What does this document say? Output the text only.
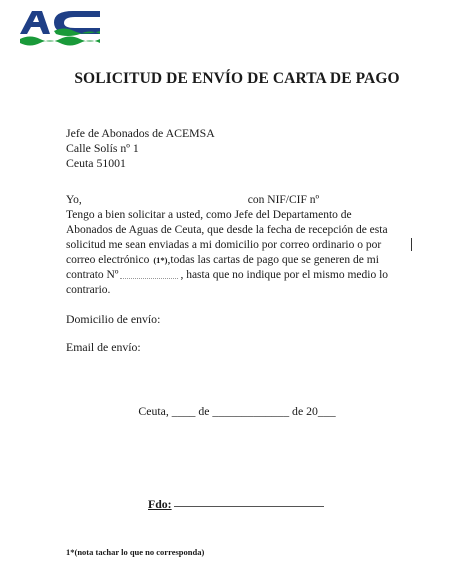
SOLICITUD DE ENVÍO DE CARTA DE PAGO
Jefe de Abonados de ACEMSA
Calle Solís nº 1
Ceuta 51001
Yo,	con NIF/CIF nº
Tengo a bien solicitar a usted, como Jefe del Departamento de
Abonados de Aguas de Ceuta, que desde la fecha de recepción de esta
solicitud me sean enviadas a mi domicilio por correo ordinario o por
correo electrónico (1*) ,todas las cartas de pago que se generen de mi
contrato Nº	, hasta que no indique por el mismo medio lo
contrario.
Domicilio de envío:
Email de envío:
Ceuta, ____ de _____________ de 20___
Fdo:
1*(nota tachar lo que no corresponda)
